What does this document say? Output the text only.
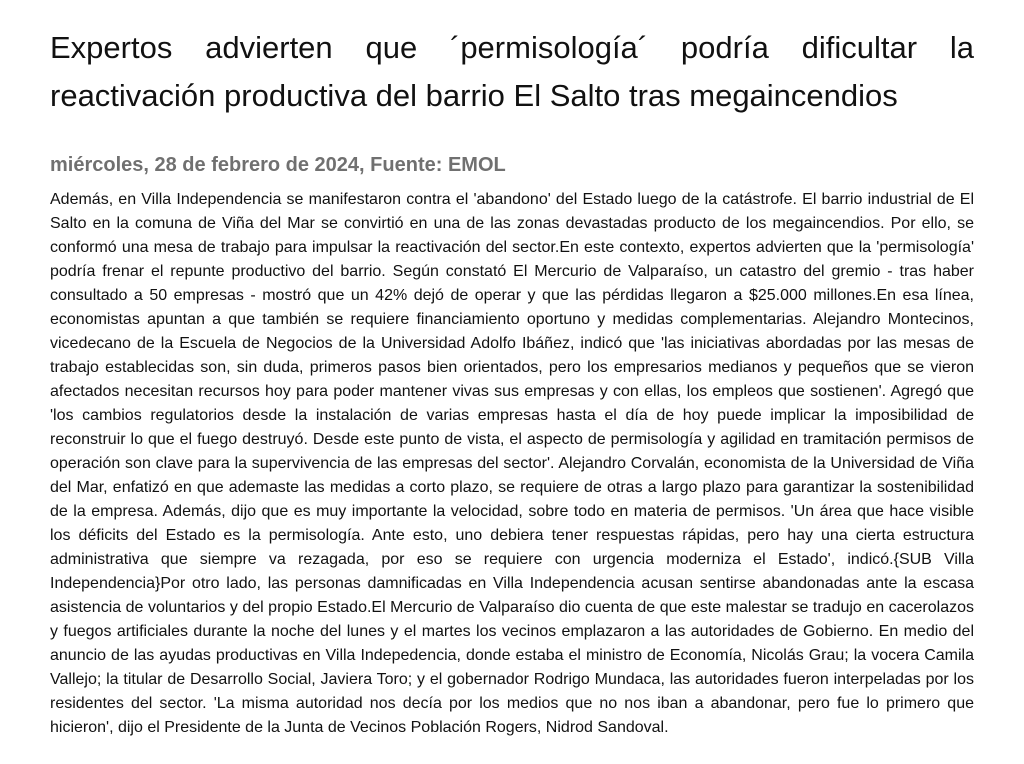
Expertos advierten que ´permisología´ podría dificultar la reactivación productiva del barrio El Salto tras megaincendios
miércoles, 28 de febrero de 2024, Fuente: EMOL

Además, en Villa Independencia se manifestaron contra el 'abandono' del Estado luego de la catástrofe. El barrio industrial de El Salto en la comuna de Viña del Mar se convirtió en una de las zonas devastadas producto de los megaincendios. Por ello, se conformó una mesa de trabajo para impulsar la reactivación del sector.En este contexto, expertos advierten que la 'permisología' podría frenar el repunte productivo del barrio. Según constató El Mercurio de Valparaíso, un catastro del gremio - tras haber consultado a 50 empresas - mostró que un 42% dejó de operar y que las pérdidas llegaron a $25.000 millones.En esa línea, economistas apuntan a que también se requiere financiamiento oportuno y medidas complementarias. Alejandro Montecinos, vicedecano de la Escuela de Negocios de la Universidad Adolfo Ibáñez, indicó que 'las iniciativas abordadas por las mesas de trabajo establecidas son, sin duda, primeros pasos bien orientados, pero los empresarios medianos y pequeños que se vieron afectados necesitan recursos hoy para poder mantener vivas sus empresas y con ellas, los empleos que sostienen'. Agregó que 'los cambios regulatorios desde la instalación de varias empresas hasta el día de hoy puede implicar la imposibilidad de reconstruir lo que el fuego destruyó. Desde este punto de vista, el aspecto de permisología y agilidad en tramitación permisos de operación son clave para la supervivencia de las empresas del sector'. Alejandro Corvalán, economista de la Universidad de Viña del Mar, enfatizó en que ademaste las medidas a corto plazo, se requiere de otras a largo plazo para garantizar la sostenibilidad de la empresa. Además, dijo que es muy importante la velocidad, sobre todo en materia de permisos. 'Un área que hace visible los déficits del Estado es la permisología. Ante esto, uno debiera tener respuestas rápidas, pero hay una cierta estructura administrativa que siempre va rezagada, por eso se requiere con urgencia moderniza el Estado', indicó.{SUB Villa Independencia}Por otro lado, las personas damnificadas en Villa Independencia acusan sentirse abandonadas ante la escasa asistencia de voluntarios y del propio Estado.El Mercurio de Valparaíso dio cuenta de que este malestar se tradujo en cacerolazos y fuegos artificiales durante la noche del lunes y el martes los vecinos emplazaron a las autoridades de Gobierno. En medio del anuncio de las ayudas productivas en Villa Indepedencia, donde estaba el ministro de Economía, Nicolás Grau; la vocera Camila Vallejo; la titular de Desarrollo Social, Javiera Toro; y el gobernador Rodrigo Mundaca, las autoridades fueron interpeladas por los residentes del sector. 'La misma autoridad nos decía por los medios que no nos iban a abandonar, pero fue lo primero que hicieron', dijo el Presidente de la Junta de Vecinos Población Rogers, Nidrod Sandoval.
